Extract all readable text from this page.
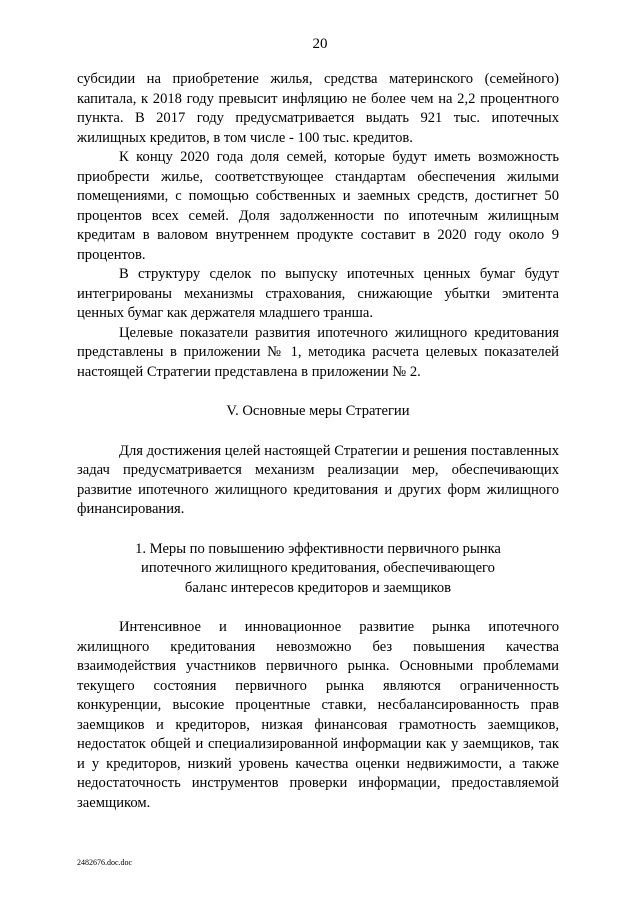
20

субсидии на приобретение жилья, средства материнского (семейного) капитала, к 2018 году превысит инфляцию не более чем на 2,2 процентного пункта. В 2017 году предусматривается выдать 921 тыс. ипотечных жилищных кредитов, в том числе - 100 тыс. кредитов.

К концу 2020 года доля семей, которые будут иметь возможность приобрести жилье, соответствующее стандартам обеспечения жилыми помещениями, с помощью собственных и заемных средств, достигнет 50 процентов всех семей. Доля задолженности по ипотечным жилищным кредитам в валовом внутреннем продукте составит в 2020 году около 9 процентов.

В структуру сделок по выпуску ипотечных ценных бумаг будут интегрированы механизмы страхования, снижающие убытки эмитента ценных бумаг как держателя младшего транша.

Целевые показатели развития ипотечного жилищного кредитования представлены в приложении № 1, методика расчета целевых показателей настоящей Стратегии представлена в приложении № 2.

V. Основные меры Стратегии

Для достижения целей настоящей Стратегии и решения поставленных задач предусматривается механизм реализации мер, обеспечивающих развитие ипотечного жилищного кредитования и других форм жилищного финансирования.

1. Меры по повышению эффективности первичного рынка

ипотечного жилищного кредитования, обеспечивающего

баланс интересов кредиторов и заемщиков

Интенсивное и инновационное развитие рынка ипотечного жилищного кредитования невозможно без повышения качества взаимодействия участников первичного рынка. Основными проблемами текущего состояния первичного рынка являются ограниченность конкуренции, высокие процентные ставки, несбалансированность прав заемщиков и кредиторов, низкая финансовая грамотность заемщиков, недостаток общей и специализированной информации как у заемщиков, так и у кредиторов, низкий уровень качества оценки недвижимости, а также недостаточность инструментов проверки информации, предоставляемой заемщиком.

2482676.doc.doc
